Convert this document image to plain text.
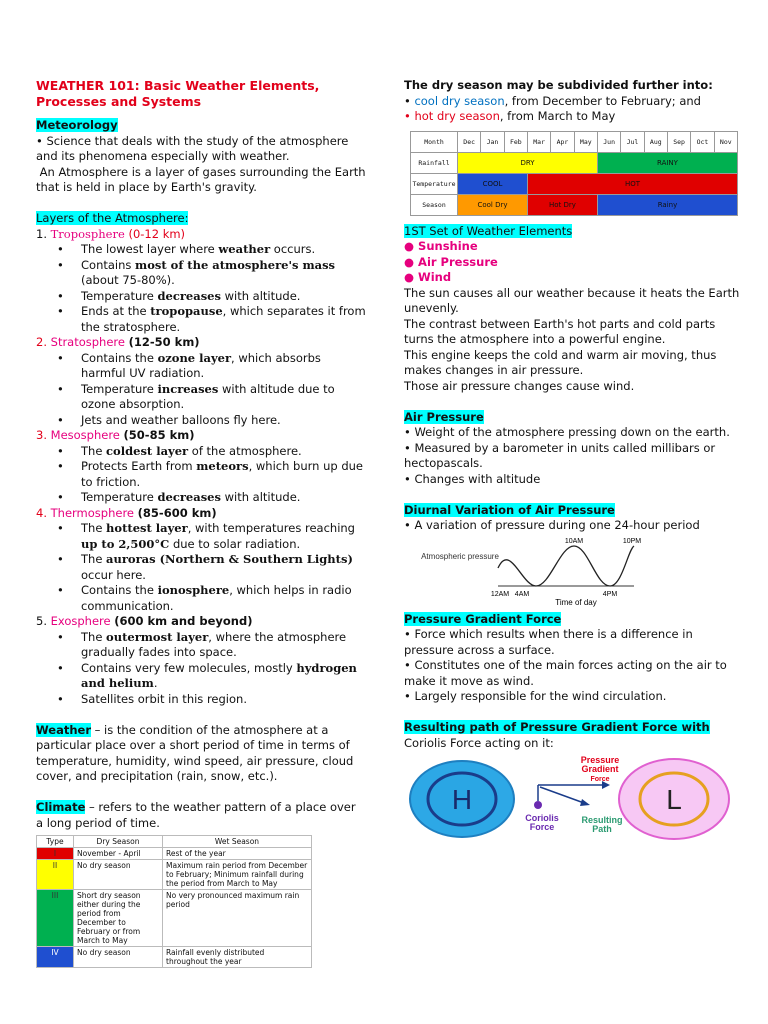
WEATHER 101: Basic Weather Elements, Processes and Systems

Meteorology

• Science that deals with the study of the atmosphere and its phenomena especially with weather.

An Atmosphere is a layer of gases surrounding the Earth that is held in place by Earth's gravity.

Layers of the Atmosphere:

1. Troposphere (0-12 km)

• The lowest layer where weather occurs.
• Contains most of the atmosphere's mass (about 75-80%).
• Temperature decreases with altitude.
• Ends at the tropopause, which separates it from the stratosphere.

2. Stratosphere (12-50 km)

• Contains the ozone layer, which absorbs harmful UV radiation.
• Temperature increases with altitude due to ozone absorption.
• Jets and weather balloons fly here.

3. Mesosphere (50-85 km)

• The coldest layer of the atmosphere.
• Protects Earth from meteors, which burn up due to friction.
• Temperature decreases with altitude.

4. Thermosphere (85-600 km)

• The hottest layer, with temperatures reaching up to 2,500°C due to solar radiation.
• The auroras (Northern & Southern Lights) occur here.
• Contains the ionosphere, which helps in radio communication.

5. Exosphere (600 km and beyond)

• The outermost layer, where the atmosphere gradually fades into space.
• Contains very few molecules, mostly hydrogen and helium.
• Satellites orbit in this region.

Weather – is the condition of the atmosphere at a particular place over a short period of time in terms of temperature, humidity, wind speed, air pressure, cloud cover, and precipitation (rain, snow, etc.).

Climate – refers to the weather pattern of a place over a long period of time.

Type	Dry Season	Wet Season
I	November - April	Rest of the year
II	No dry season	Maximum rain period from December to February; Minimum rainfall during the period from March to May
III	Short dry season either during the period from December to February or from March to May	No very pronounced maximum rain period
IV	No dry season	Rainfall evenly distributed throughout the year

The dry season may be subdivided further into:

• cool dry season, from December to February; and

• hot dry season, from March to May

Month	Dec	Jan	Feb	Mar	Apr	May	Jun	Jul	Aug	Sep	Oct	Nov
Rainfall	DRY						RAINY					
Temperature	COOL			HOT								
Season	Cool Dry			Hot Dry			Rainy					

1ST Set of Weather Elements

● Sunshine

● Air Pressure

● Wind

The sun causes all our weather because it heats the Earth unevenly.

The contrast between Earth's hot parts and cold parts turns the atmosphere into a powerful engine.

This engine keeps the cold and warm air moving, thus makes changes in air pressure.

Those air pressure changes cause wind.

Air Pressure

• Weight of the atmosphere pressing down on the earth.

• Measured by a barometer in units called millibars or hectopascals.

• Changes with altitude

Diurnal Variation of Air Pressure

• A variation of pressure during one 24-hour period

Atmospheric pressure
10AM	10PM
12AM 4AM	4PM
Time of day

Pressure Gradient Force

• Force which results when there is a difference in pressure across a surface.

• Constitutes one of the main forces acting on the air to make it move as wind.

• Largely responsible for the wind circulation.

Resulting path of Pressure Gradient Force with

Coriolis Force acting on it:

H	L
Pressure Gradient Force
Coriolis Force
Resulting Path
